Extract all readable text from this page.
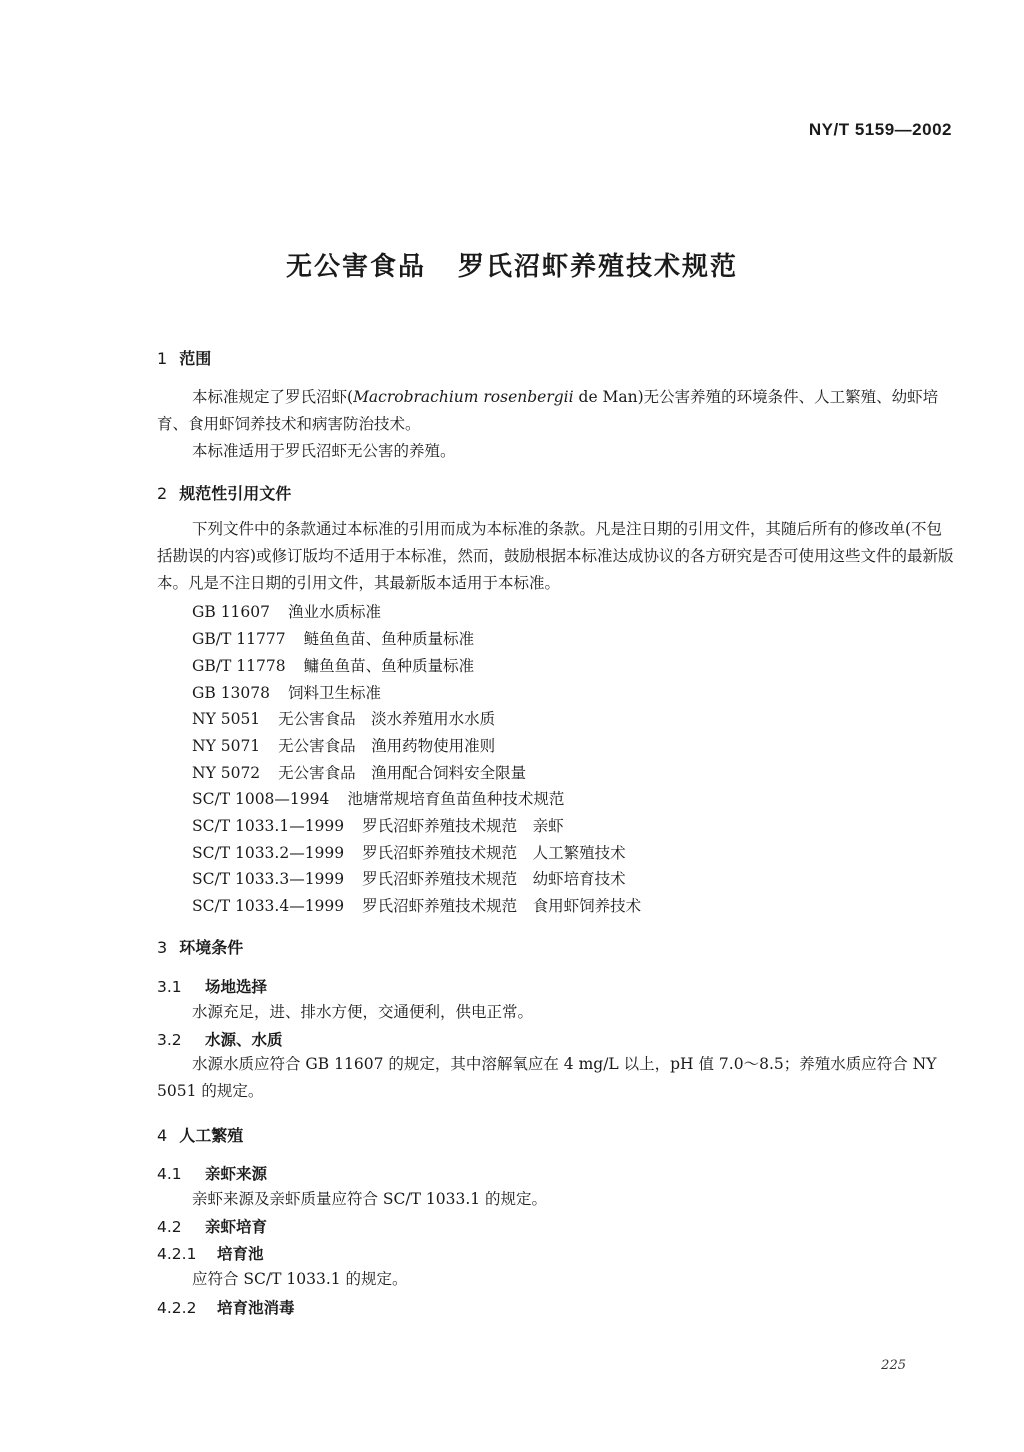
NY/T 5159—2002
无公害食品 罗氏沼虾养殖技术规范
1 范围
本标准规定了罗氏沼虾(Macrobrachium rosenbergii de Man)无公害养殖的环境条件、人工繁殖、幼虾培育、食用虾饲养技术和病害防治技术。
本标准适用于罗氏沼虾无公害的养殖。
2 规范性引用文件
下列文件中的条款通过本标准的引用而成为本标准的条款。凡是注日期的引用文件，其随后所有的修改单(不包括勘误的内容)或修订版均不适用于本标准，然而，鼓励根据本标准达成协议的各方研究是否可使用这些文件的最新版本。凡是不注日期的引用文件，其最新版本适用于本标准。
GB 11607 渔业水质标准
GB/T 11777 鲢鱼鱼苗、鱼种质量标准
GB/T 11778 鳙鱼鱼苗、鱼种质量标准
GB 13078 饲料卫生标准
NY 5051 无公害食品　淡水养殖用水水质
NY 5071 无公害食品　渔用药物使用准则
NY 5072 无公害食品　渔用配合饲料安全限量
SC/T 1008—1994 池塘常规培育鱼苗鱼种技术规范
SC/T 1033.1—1999 罗氏沼虾养殖技术规范　亲虾
SC/T 1033.2—1999 罗氏沼虾养殖技术规范　人工繁殖技术
SC/T 1033.3—1999 罗氏沼虾养殖技术规范　幼虾培育技术
SC/T 1033.4—1999 罗氏沼虾养殖技术规范　食用虾饲养技术
3 环境条件
3.1 场地选择
水源充足，进、排水方便，交通便利，供电正常。
3.2 水源、水质
水源水质应符合 GB 11607 的规定，其中溶解氧应在 4 mg/L 以上，pH 值 7.0～8.5；养殖水质应符合 NY 5051 的规定。
4 人工繁殖
4.1 亲虾来源
亲虾来源及亲虾质量应符合 SC/T 1033.1 的规定。
4.2 亲虾培育
4.2.1 培育池
应符合 SC/T 1033.1 的规定。
4.2.2 培育池消毒
225
